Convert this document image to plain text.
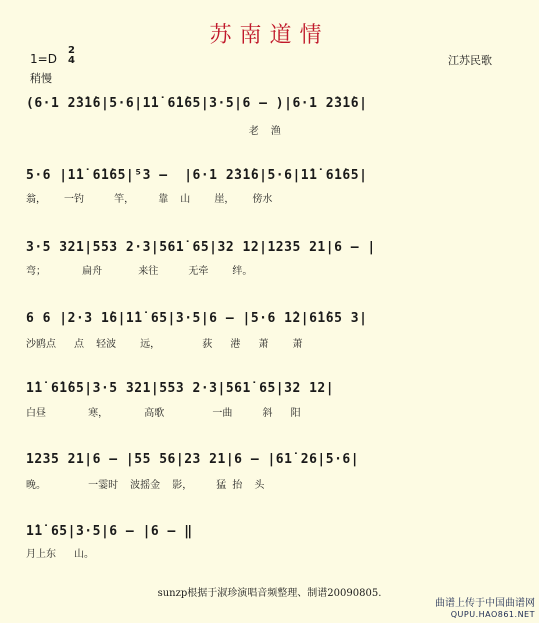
苏南道情
1=D
2
4
稍慢
江苏民歌
(6·1 2̇3̇1̇6|5·6|1̇1̇ 6̇1̇65|3·5|6 – )|6·1 2̇3̇1̇6|
老  渔
5·6 |1̇1̇ 6̇1̇65|⁵3 –  |6·1 2̇3̇1̇6|5·6|1̇1̇ 6̇1̇65|
翁，   一钓     竿，    靠  山    崖，   傍水
3·5 321|553 2·3|561̇ 65|32 12|1235 21|6 – |
弯；      扁舟      来往     无牵    绊。
6 6 |2·3 1̇6|1̇1̇ 65|3·5|6 – |5·6 1̇2|6̇1̇65 3|
沙鸥点   点  轻波    远，       荻   港   萧    萧
1̇1̇ 6̇1̇65|3·5 321|553 2·3|561̇ 65|32 12|
白昼       寒，      高歌        一曲     斜   阳
1235 21|6 – |55 56|23 21|6 – |61̇ 26|5·6|
晚。       一霎时  波摇金  影，    猛 抬  头
1̇1̇ 65|3·5|6 – |6 – ‖
月上东   山。
sunzp根据于淑珍演唱音频整理、制谱20090805.
曲谱上传于中国曲谱网
QUPU.HAO861.NET
